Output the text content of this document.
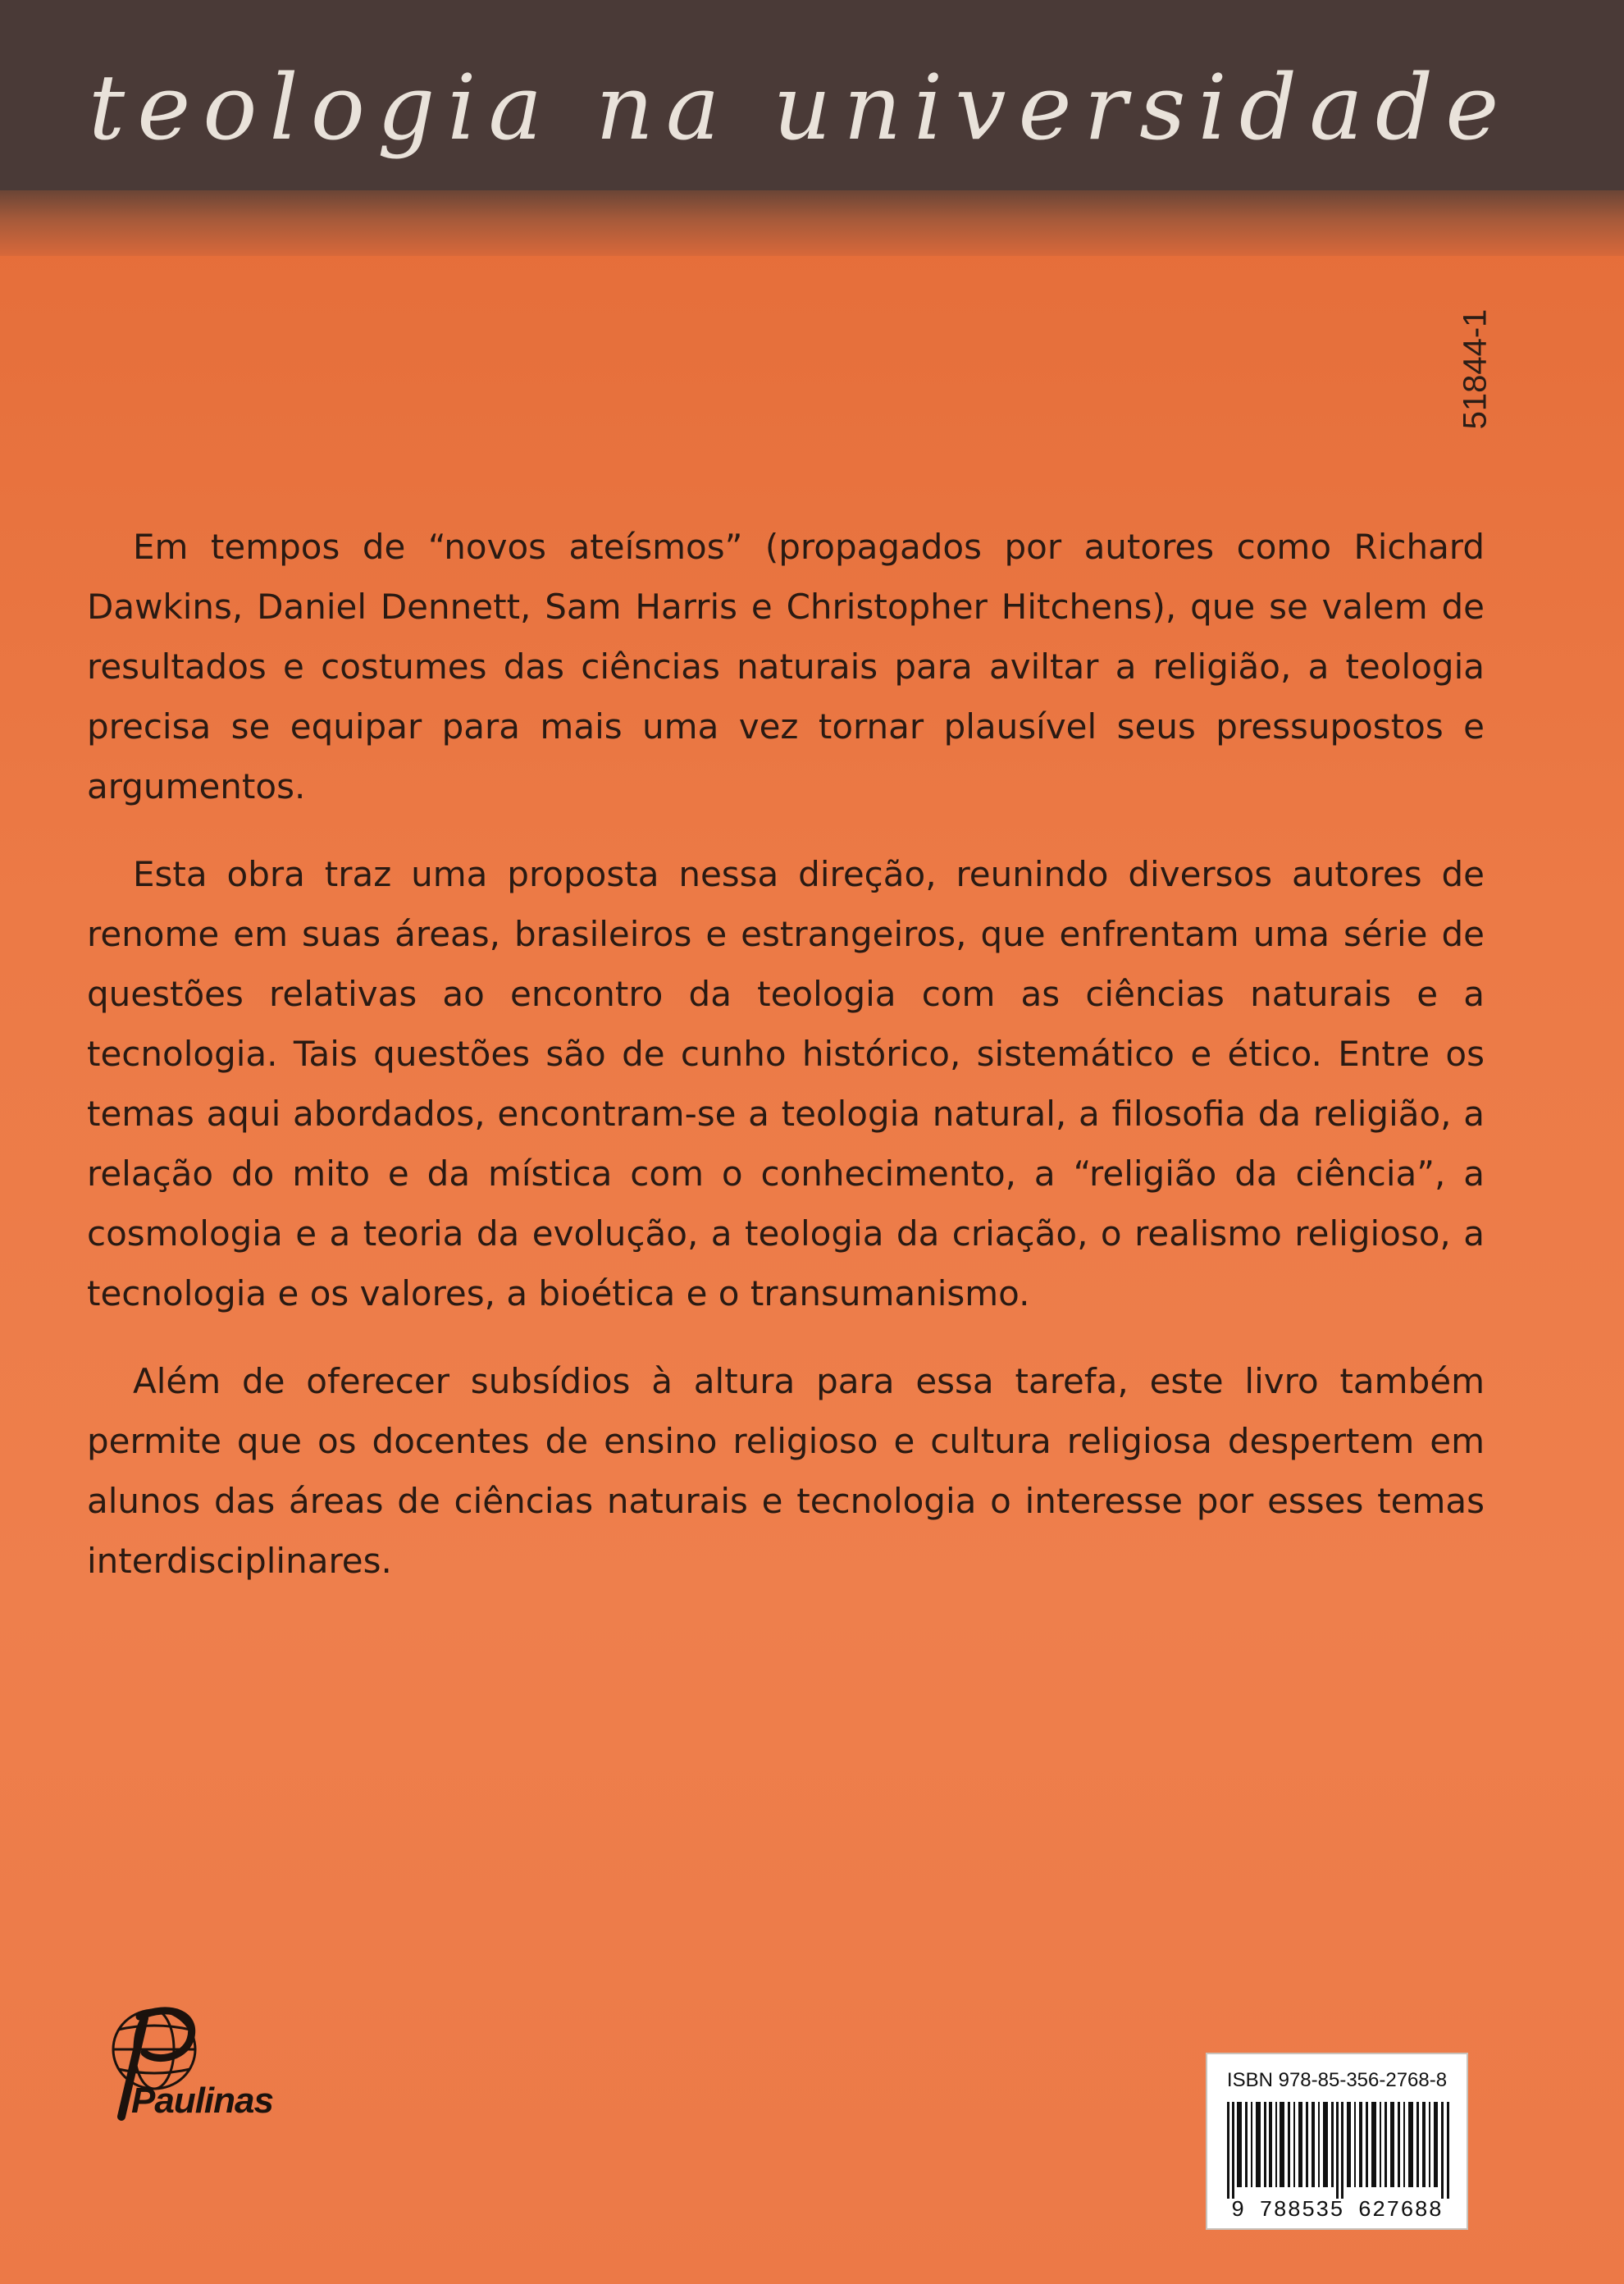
teologia na universidade
51844-1

Em tempos de “novos ateísmos” (propagados por autores como Richard Dawkins, Daniel Dennett, Sam Harris e Christopher Hitchens), que se valem de resultados e costumes das ciências naturais para aviltar a religião, a teologia precisa se equipar para mais uma vez tornar plausível seus pressupostos e argumentos.

Esta obra traz uma proposta nessa direção, reunindo diversos autores de renome em suas áreas, brasileiros e estrangeiros, que enfrentam uma série de questões relativas ao encontro da teologia com as ciências naturais e a tecnologia. Tais questões são de cunho histórico, sistemático e ético. Entre os temas aqui abordados, encontram-se a teologia natural, a filosofia da religião, a relação do mito e da mística com o conhecimento, a “religião da ciência”, a cosmologia e a teoria da evolução, a teologia da criação, o realismo religioso, a tecnologia e os valores, a bioética e o transumanismo.

Além de oferecer subsídios à altura para essa tarefa, este livro também permite que os docentes de ensino religioso e cultura religiosa despertem em alunos das áreas de ciências naturais e tecnologia o interesse por esses temas interdisciplinares.

Paulinas
ISBN 978-85-356-2768-8
9 788535 627688
